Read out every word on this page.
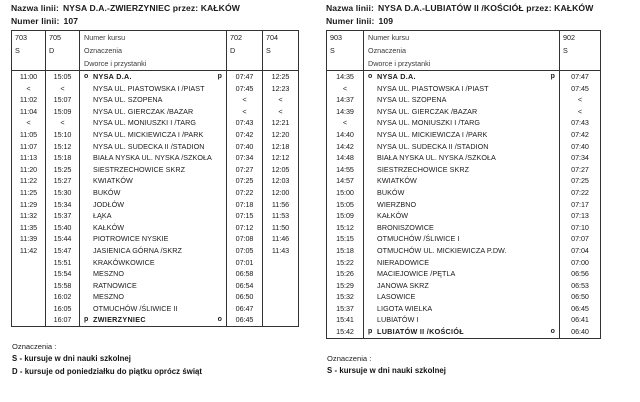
Nazwa linii: NYSA D.A.-ZWIERZYNIEC przez: KAŁKÓW
Numer linii: 107
703	705	Numer kursu	702	704
S	D	Oznaczenia	D	S
		Dworce i przystanki		
11:00	15:05	o NYSA D.A. p	07:47	12:25
<	<	NYSA UL. PIASTOWSKA I /PIAST	07:45	12:23
11:02	15:07	NYSA UL. SZOPENA	<	<
11:04	15:09	NYSA UL. GIERCZAK /BAZAR	<	<
<	<	NYSA UL. MONIUSZKI I /TARG	07:43	12:21
11:05	15:10	NYSA UL. MICKIEWICZA I /PARK	07:42	12:20
11:07	15:12	NYSA UL. SUDECKA II /STADION	07:40	12:18
11:13	15:18	BIAŁA NYSKA UL. NYSKA /SZKOŁA	07:34	12:12
11:20	15:25	SIESTRZECHOWICE SKRZ	07:27	12:05
11:22	15:27	KWIATKÓW	07:25	12:03
11:25	15:30	BUKÓW	07:22	12:00
11:29	15:34	JODŁÓW	07:18	11:56
11:32	15:37	ŁĄKA	07:15	11:53
11:35	15:40	KAŁKÓW	07:12	11:50
11:39	15:44	PIOTROWICE NYSKIE	07:08	11:46
11:42	15:47	JASIENICA GÓRNA /SKRZ	07:05	11:43
	15:51	KRAKÓWKOWICE	07:01	
	15:54	MESZNO	06:58	
	15:58	RATNOWICE	06:54	
	16:02	MESZNO	06:50	
	16:05	OTMUCHÓW /ŚLIWICE II	06:47	
	16:07	p ZWIERZYNIEC o	06:45	
Oznaczenia :
S - kursuje w dni nauki szkolnej
D - kursuje od poniedziałku do piątku oprócz świąt
Nazwa linii: NYSA D.A.-LUBIATÓW II /KOŚCIÓŁ przez: KAŁKÓW
Numer linii: 109
903	Numer kursu	902
S	Oznaczenia	S
	Dworce i przystanki	
14:35	o NYSA D.A. p	07:47
<	NYSA UL. PIASTOWSKA I /PIAST	07:45
14:37	NYSA UL. SZOPENA	<
14:39	NYSA UL. GIERCZAK /BAZAR	<
<	NYSA UL. MONIUSZKI I /TARG	07:43
14:40	NYSA UL. MICKIEWICZA I /PARK	07:42
14:42	NYSA UL. SUDECKA II /STADION	07:40
14:48	BIAŁA NYSKA UL. NYSKA /SZKOŁA	07:34
14:55	SIESTRZECHOWICE SKRZ	07:27
14:57	KWIATKÓW	07:25
15:00	BUKÓW	07:22
15:05	WIERZBNO	07:17
15:09	KAŁKÓW	07:13
15:12	BRONISZOWICE	07:10
15:15	OTMUCHÓW /ŚLIWICE I	07:07
15:18	OTMUCHÓW UL. MICKIEWICZA P.DW.	07:04
15:22	NIERADOWICE	07:00
15:26	MACIEJOWICE /PĘTLA	06:56
15:29	JANOWA SKRZ	06:53
15:32	LASOWICE	06:50
15:37	LIGOTA WIELKA	06:45
15:41	LUBIATÓW I	06:41
15:42	p LUBIATÓW II /KOŚCIÓŁ o	06:40
Oznaczenia :
S - kursuje w dni nauki szkolnej
